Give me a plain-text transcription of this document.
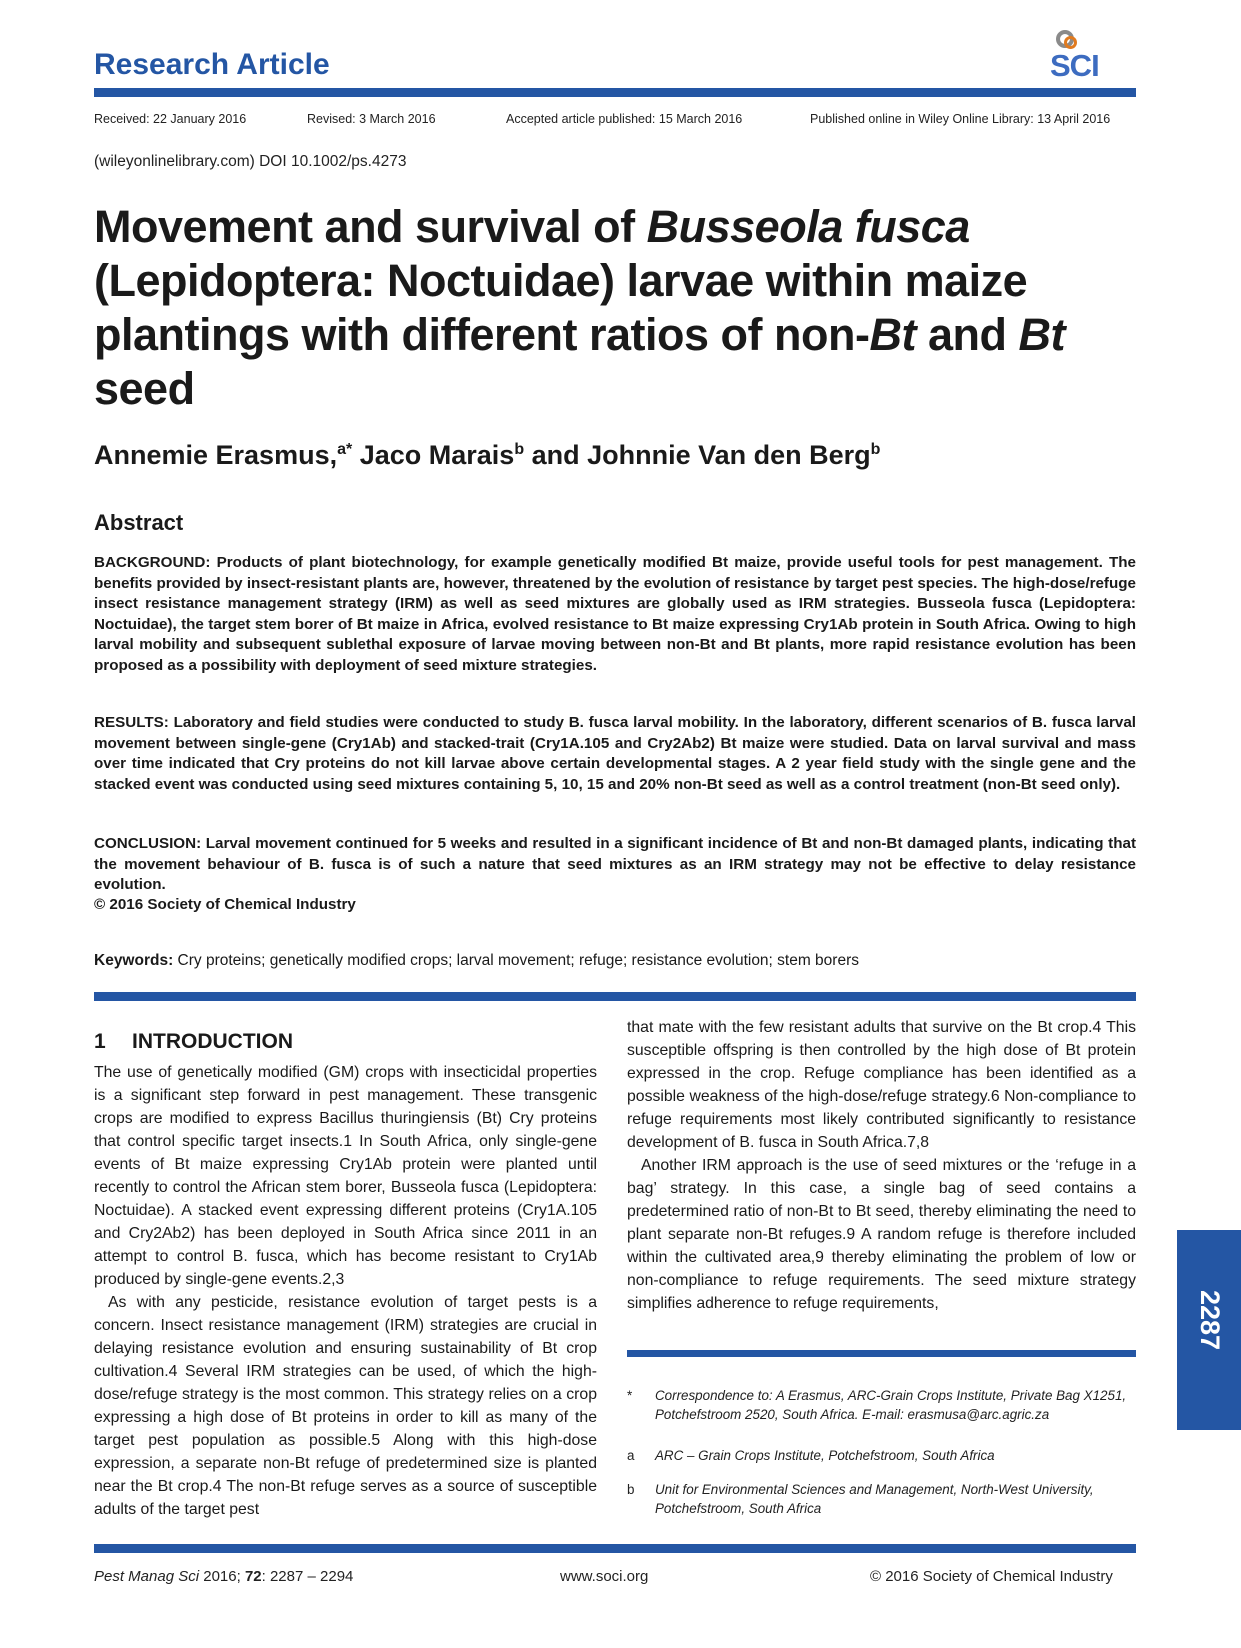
Research Article	SCI
Received: 22 January 2016	Revised: 3 March 2016	Accepted article published: 15 March 2016	Published online in Wiley Online Library: 13 April 2016
(wileyonlinelibrary.com) DOI 10.1002/ps.4273
Movement and survival of Busseola fusca (Lepidoptera: Noctuidae) larvae within maize plantings with different ratios of non-Bt and Bt seed
Annemie Erasmus,$^{a*}$ Jaco Marais$^b$ and Johnnie Van den Berg$^b$
Abstract
BACKGROUND: Products of plant biotechnology, for example genetically modified Bt maize, provide useful tools for pest management. The benefits provided by insect-resistant plants are, however, threatened by the evolution of resistance by target pest species. The high-dose/refuge insect resistance management strategy (IRM) as well as seed mixtures are globally used as IRM strategies. Busseola fusca (Lepidoptera: Noctuidae), the target stem borer of Bt maize in Africa, evolved resistance to Bt maize expressing Cry1Ab protein in South Africa. Owing to high larval mobility and subsequent sublethal exposure of larvae moving between non-Bt and Bt plants, more rapid resistance evolution has been proposed as a possibility with deployment of seed mixture strategies.
RESULTS: Laboratory and field studies were conducted to study B. fusca larval mobility. In the laboratory, different scenarios of B. fusca larval movement between single-gene (Cry1Ab) and stacked-trait (Cry1A.105 and Cry2Ab2) Bt maize were studied. Data on larval survival and mass over time indicated that Cry proteins do not kill larvae above certain developmental stages. A 2 year field study with the single gene and the stacked event was conducted using seed mixtures containing 5, 10, 15 and 20% non-Bt seed as well as a control treatment (non-Bt seed only).
CONCLUSION: Larval movement continued for 5 weeks and resulted in a significant incidence of Bt and non-Bt damaged plants, indicating that the movement behaviour of B. fusca is of such a nature that seed mixtures as an IRM strategy may not be effective to delay resistance evolution.
© 2016 Society of Chemical Industry
Keywords: Cry proteins; genetically modified crops; larval movement; refuge; resistance evolution; stem borers
1 INTRODUCTION

The use of genetically modified (GM) crops with insecticidal properties is a significant step forward in pest management. These transgenic crops are modified to express Bacillus thuringiensis (Bt) Cry proteins that control specific target insects.1 In South Africa, only single-gene events of Bt maize expressing Cry1Ab protein were planted until recently to control the African stem borer, Busseola fusca (Lepidoptera: Noctuidae). A stacked event expressing different proteins (Cry1A.105 and Cry2Ab2) has been deployed in South Africa since 2011 in an attempt to control B. fusca, which has become resistant to Cry1Ab produced by single-gene events.2,3

As with any pesticide, resistance evolution of target pests is a concern. Insect resistance management (IRM) strategies are crucial in delaying resistance evolution and ensuring sustainability of Bt crop cultivation.4 Several IRM strategies can be used, of which the high-dose/refuge strategy is the most common. This strategy relies on a crop expressing a high dose of Bt proteins in order to kill as many of the target pest population as possible.5 Along with this high-dose expression, a separate non-Bt refuge of predetermined size is planted near the Bt crop.4 The non-Bt refuge serves as a source of susceptible adults of the target pest

that mate with the few resistant adults that survive on the Bt crop.4 This susceptible offspring is then controlled by the high dose of Bt protein expressed in the crop. Refuge compliance has been identified as a possible weakness of the high-dose/refuge strategy.6 Non-compliance to refuge requirements most likely contributed significantly to resistance development of B. fusca in South Africa.7,8

Another IRM approach is the use of seed mixtures or the ‘refuge in a bag’ strategy. In this case, a single bag of seed contains a predetermined ratio of non-Bt to Bt seed, thereby eliminating the need to plant separate non-Bt refuges.9 A random refuge is therefore included within the cultivated area,9 thereby eliminating the problem of low or non-compliance to refuge requirements. The seed mixture strategy simplifies adherence to refuge requirements,

* Correspondence to: A Erasmus, ARC-Grain Crops Institute, Private Bag X1251, Potchefstroom 2520, South Africa. E-mail: erasmusa@arc.agric.za
a ARC – Grain Crops Institute, Potchefstroom, South Africa
b Unit for Environmental Sciences and Management, North-West University, Potchefstroom, South Africa
Pest Manag Sci 2016; 72: 2287 – 2294	www.soci.org	© 2016 Society of Chemical Industry
2287
